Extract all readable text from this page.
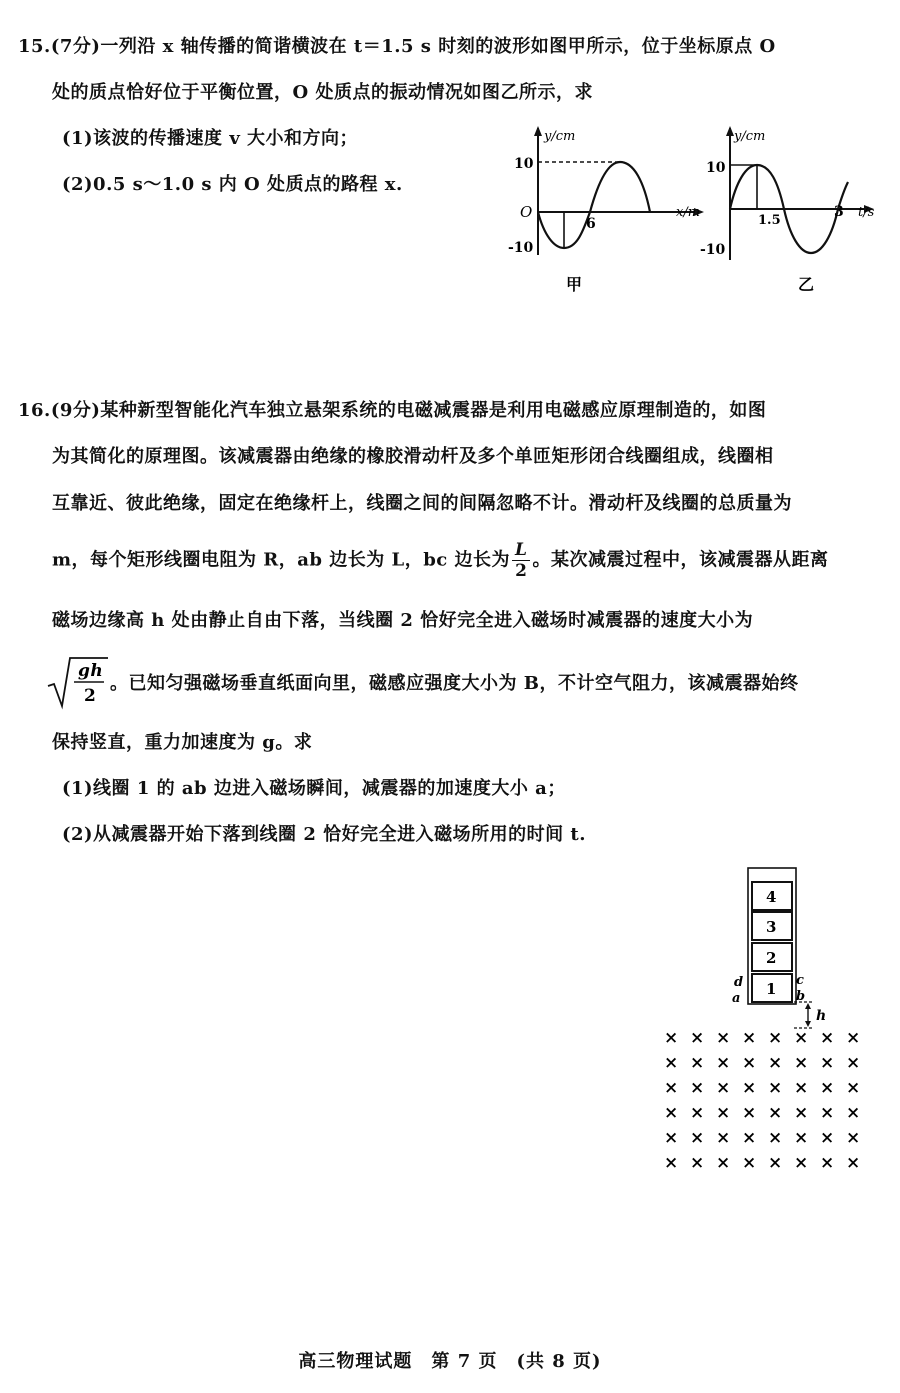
15.(7分)一列沿 x 轴传播的简谐横波在 t＝1.5 s 时刻的波形如图甲所示，位于坐标原点 O
处的质点恰好位于平衡位置，O 处质点的振动情况如图乙所示，求
(1)该波的传播速度 v 大小和方向；
(2)0.5 s～1.0 s 内 O 处质点的路程 x.
y/cm
10
O
-10
6
x/m
甲
y/cm
10
-10
1.5
3 t/s
乙
16.(9分)某种新型智能化汽车独立悬架系统的电磁减震器是利用电磁感应原理制造的，如图
为其简化的原理图。该减震器由绝缘的橡胶滑动杆及多个单匝矩形闭合线圈组成，线圈相
互靠近、彼此绝缘，固定在绝缘杆上，线圈之间的间隔忽略不计。滑动杆及线圈的总质量为
m，每个矩形线圈电阻为 R，ab 边长为 L，bc 边长为 $\frac{L}{2}$ 。某次减震过程中，该减震器从距离
磁场边缘高 h 处由静止自由下落，当线圈 2 恰好完全进入磁场时减震器的速度大小为
gh
2
。已知匀强磁场垂直纸面向里，磁感应强度大小为 B，不计空气阻力，该减震器始终
保持竖直，重力加速度为 g。求
(1)线圈 1 的 ab 边进入磁场瞬间，减震器的加速度大小 a；
(2)从减震器开始下落到线圈 2 恰好完全进入磁场所用的时间 t.
4
3
2
1
d
a
c
b
h
× × × × × × × ×
× × × × × × × ×
× × × × × × × ×
× × × × × × × ×
× × × × × × × ×
× × × × × × × ×
高三物理试题　第 7 页　(共 8 页)
